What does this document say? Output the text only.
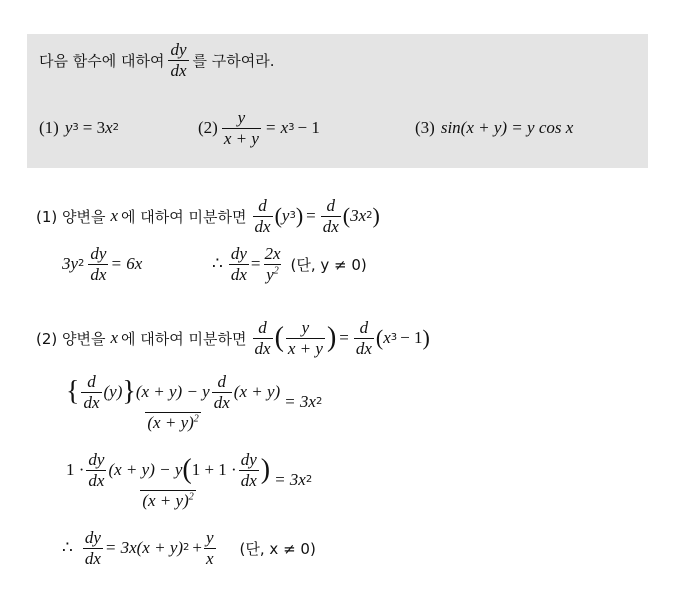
다음 함수에 대하여 $\frac{dy}{dx}$ 를 구하여라.
(1) y 3 = 3 x 2	$(2) \frac{y}{x + y} = x$ 3 − 1	(3) sin(x + y) = y cos x
(1) 양변을 x 에 대하여 미분하면 $\frac{d}{dx}$ ( y 3 ) = $\frac{d}{dx}$ ( 3x 2 )
3y $2 \frac{dy}{dx} = 6x$	∴ $\frac{dy}{dx} = \frac{2x}{y^2}$ (단, y ≠ 0)
(2) 양변을 x 에 대하여 미분하면 $\frac{d}{dx}$ ( $\frac{y}{x + y}$ ) = $\frac{d}{dx}$ ( x 3 − 1 )
{ $\frac{d}{dx} (y)$ } (x + y) − y $\frac{d}{dx} (x + y)$
$(x + y)^2$
= 3x 2
$1 \cdot \frac{dy}{dx} (x + y) - y$ ( $1 + 1 \cdot \frac{dy}{dx}$ )
$(x + y)^2$
= 3x 2
∴ $\frac{dy}{dx} = 3x(x + y) 2 + \frac{y}{x}$ (단, x ≠ 0)
